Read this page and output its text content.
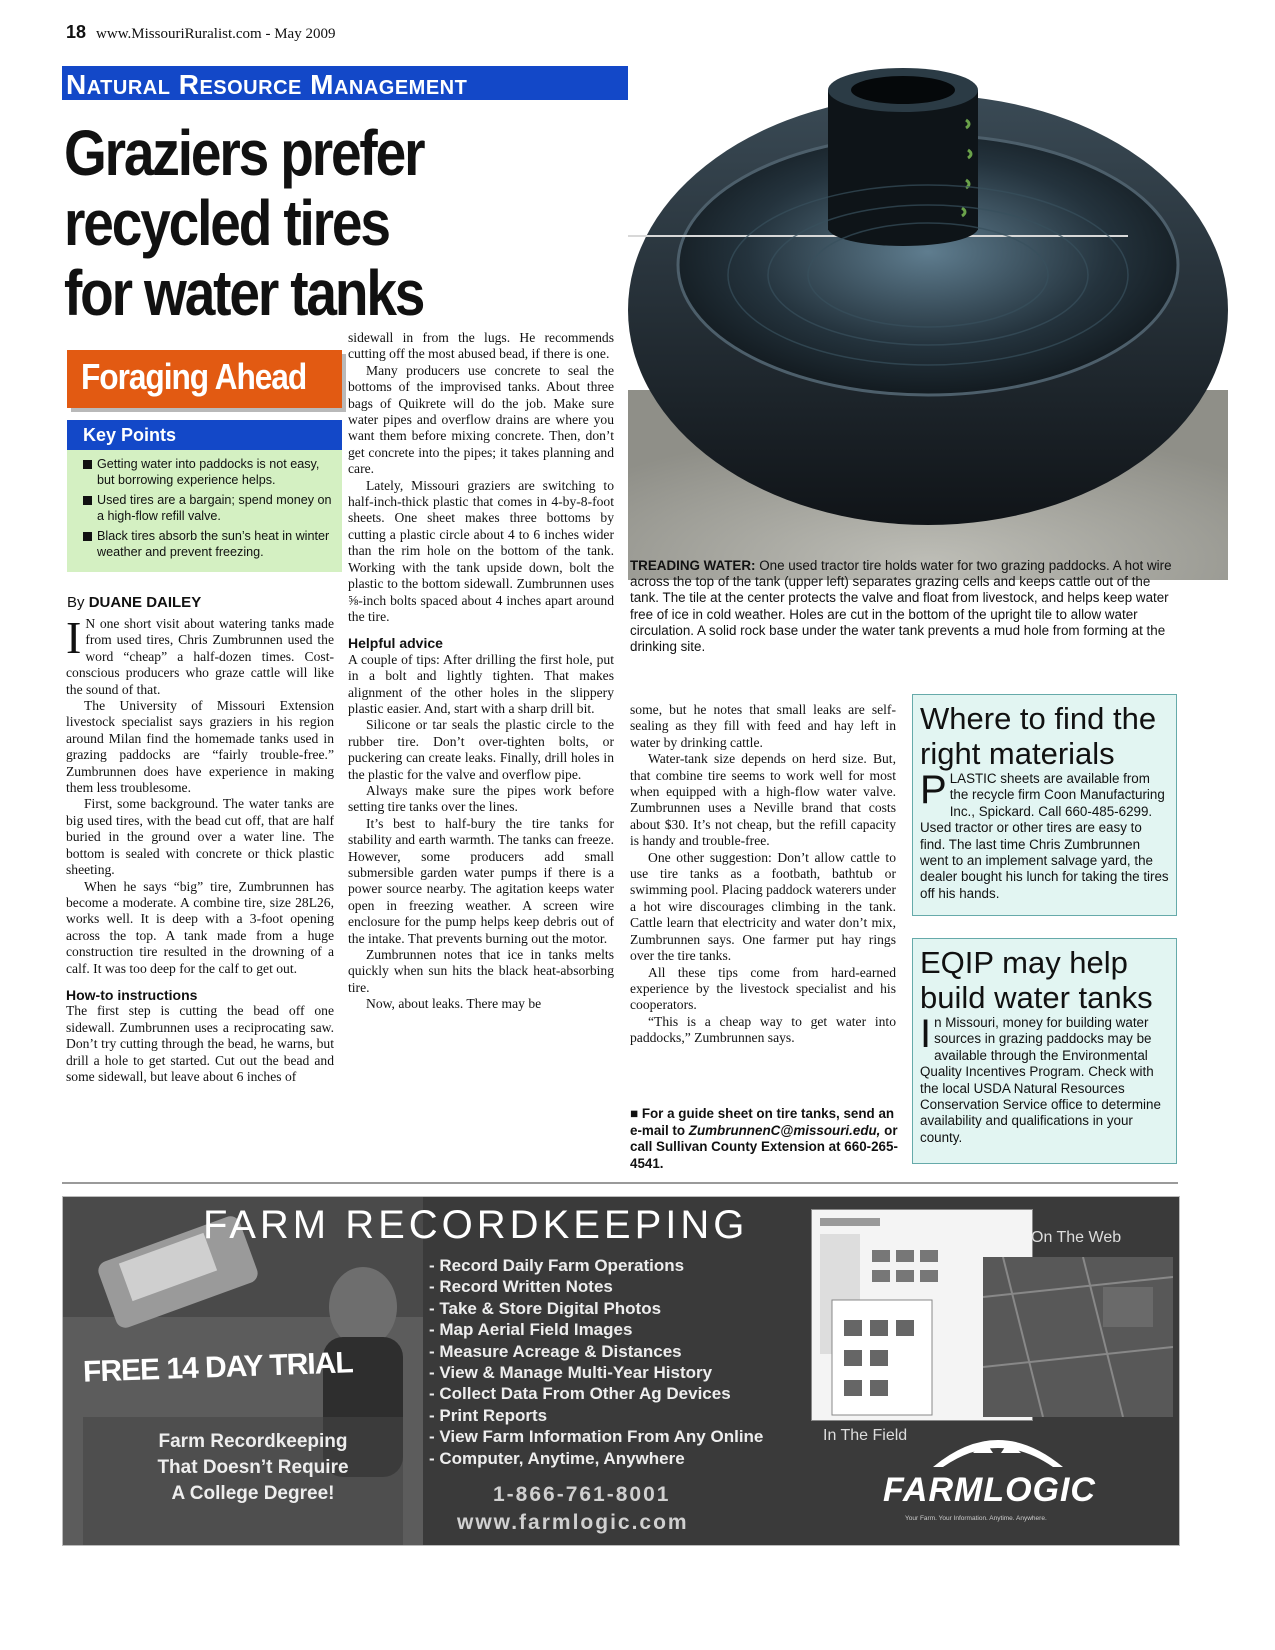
18 www.MissouriRuralist.com - May 2009
Natural Resource Management
Graziers prefer
recycled tires
for water tanks
Foraging Ahead
Key Points
Getting water into paddocks is not easy, but borrowing experience helps.
Used tires are a bargain; spend money on a high-flow refill valve.
Black tires absorb the sun’s heat in winter weather and prevent freezing.
By DUANE DAILEY

I N one short visit about watering tanks made from used tires, Chris Zumbrunnen used the word “cheap” a half-dozen times. Cost-conscious producers who graze cattle will like the sound of that.

The University of Missouri Extension livestock specialist says graziers in his region around Milan find the homemade tanks used in grazing paddocks are “fairly trouble-free.” Zumbrunnen does have experience in making them less troublesome.

First, some background. The water tanks are big used tires, with the bead cut off, that are half buried in the ground over a water line. The bottom is sealed with concrete or thick plastic sheeting.

When he says “big” tire, Zumbrunnen has become a moderate. A combine tire, size 28L26, works well. It is deep with a 3-foot opening across the top. A tank made from a huge construction tire resulted in the drowning of a calf. It was too deep for the calf to get out.

How-to instructions

The first step is cutting the bead off one sidewall. Zumbrunnen uses a reciprocating saw. Don’t try cutting through the bead, he warns, but drill a hole to get started. Cut out the bead and some sidewall, but leave about 6 inches of

sidewall in from the lugs. He recommends cutting off the most abused bead, if there is one.

Many producers use concrete to seal the bottoms of the improvised tanks. About three bags of Quikrete will do the job. Make sure water pipes and overflow drains are where you want them before mixing concrete. Then, don’t get concrete into the pipes; it takes planning and care.

Lately, Missouri graziers are switching to half-inch-thick plastic that comes in 4-by-8-foot sheets. One sheet makes three bottoms by cutting a plastic circle about 4 to 6 inches wider than the rim hole on the bottom of the tank. Working with the tank upside down, bolt the plastic to the bottom sidewall. Zumbrunnen uses ⅝-inch bolts spaced about 4 inches apart around the tire.

Helpful advice

A couple of tips: After drilling the first hole, put in a bolt and lightly tighten. That makes alignment of the other holes in the slippery plastic easier. And, start with a sharp drill bit.

Silicone or tar seals the plastic circle to the rubber tire. Don’t over-tighten bolts, or puckering can create leaks. Finally, drill holes in the plastic for the valve and overflow pipe.

Always make sure the pipes work before setting tire tanks over the lines.

It’s best to half-bury the tire tanks for stability and earth warmth. The tanks can freeze. However, some producers add small submersible garden water pumps if there is a power source nearby. The agitation keeps water open in freezing weather. A screen wire enclosure for the pump helps keep debris out of the intake. That prevents burning out the motor.

Zumbrunnen notes that ice in tanks melts quickly when sun hits the black heat-absorbing tire.

Now, about leaks. There may be

TREADING WATER: One used tractor tire holds water for two grazing paddocks. A hot wire across the top of the tank (upper left) separates grazing cells and keeps cattle out of the tank. The tile at the center protects the valve and float from livestock, and helps keep water free of ice in cold weather. Holes are cut in the bottom of the upright tile to allow water circulation. A solid rock base under the water tank prevents a mud hole from forming at the drinking site.

some, but he notes that small leaks are self-sealing as they fill with feed and hay left in water by drinking cattle.

Water-tank size depends on herd size. But, that combine tire seems to work well for most when equipped with a high-flow water valve. Zumbrunnen uses a Neville brand that costs about $30. It’s not cheap, but the refill capacity is handy and trouble-free.

One other suggestion: Don’t allow cattle to use tire tanks as a footbath, bathtub or swimming pool. Placing paddock waterers under a hot wire discourages climbing in the tank. Cattle learn that electricity and water don’t mix, Zumbrunnen says. One farmer put hay rings over the tire tanks.

All these tips come from hard-earned experience by the livestock specialist and his cooperators.

“This is a cheap way to get water into paddocks,” Zumbrunnen says.

■ For a guide sheet on tire tanks, send an e-mail to ZumbrunnenC@missouri.edu, or call Sullivan County Extension at 660-265-4541.
Where to find the right materials

PLASTIC sheets are available from the recycle firm Coon Manufacturing Inc., Spickard. Call 660-485-6299. Used tractor or other tires are easy to find. The last time Chris Zumbrunnen went to an implement salvage yard, the dealer bought his lunch for taking the tires off his hands.

EQIP may help build water tanks

In Missouri, money for building water sources in grazing paddocks may be available through the Environmental Quality Incentives Program. Check with the local USDA Natural Resources Conservation Service office to determine availability and qualifications in your county.

FARM RECORDKEEPING
- Record Daily Farm Operations
- Record Written Notes
- Take & Store Digital Photos
- Map Aerial Field Images
- Measure Acreage & Distances
- View & Manage Multi-Year History
- Collect Data From Other Ag Devices
- Print Reports
- View Farm Information From Any Online
- Computer, Anytime, Anywhere
FREE 14 DAY TRIAL
Farm Recordkeeping
That Doesn’t Require
A College Degree!	1-866-761-8001
www.farmlogic.com
On The Web
In The Field
FARMLOGIC
Your Farm. Your Information. Anytime. Anywhere.
